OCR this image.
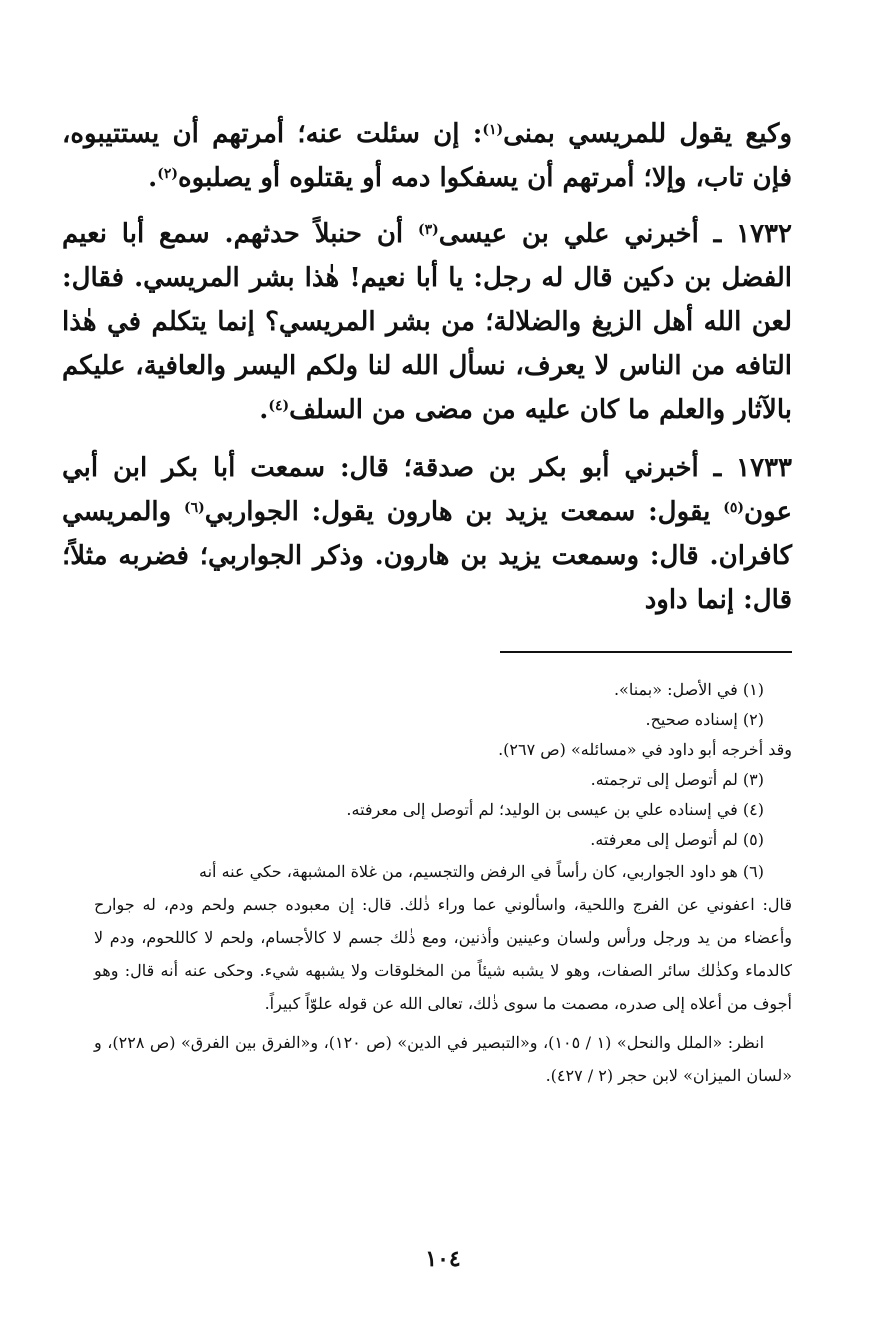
وكيع يقول للمريسي بمنى$^{(١)}$: إن سئلت عنه؛ أمرتهم أن يستتيبوه، فإن تاب، وإلا؛ أمرتهم أن يسفكوا دمه أو يقتلوه أو يصلبوه$^{(٢)}$.

١٧٣٢ ـ أخبرني علي بن عيسى$^{(٣)}$ أن حنبلاً حدثهم. سمع أبا نعيم الفضل بن دكين قال له رجل: يا أبا نعيم! هٰذا بشر المريسي. فقال: لعن الله أهل الزيغ والضلالة؛ من بشر المريسي؟ إنما يتكلم في هٰذا التافه من الناس لا يعرف، نسأل الله لنا ولكم اليسر والعافية، عليكم بالآثار والعلم ما كان عليه من مضى من السلف$^{(٤)}$.

١٧٣٣ ـ أخبرني أبو بكر بن صدقة؛ قال: سمعت أبا بكر ابن أبي عون$^{(٥)}$ يقول: سمعت يزيد بن هارون يقول: الجواربي$^{(٦)}$ والمريسي كافران. قال: وسمعت يزيد بن هارون. وذكر الجواربي؛ فضربه مثلاً؛ قال: إنما داود

(١) في الأصل: «بمنا».

(٢) إسناده صحيح.

وقد أخرجه أبو داود في «مسائله» (ص ٢٦٧).

(٣) لم أتوصل إلى ترجمته.

(٤) في إسناده علي بن عيسى بن الوليد؛ لم أتوصل إلى معرفته.

(٥) لم أتوصل إلى معرفته.

(٦) هو داود الجواربي، كان رأساً في الرفض والتجسيم، من غلاة المشبهة، حكي عنه أنه
قال: اعفوني عن الفرج واللحية، واسألوني عما وراء ذٰلك. قال: إن معبوده جسم ولحم ودم، له جوارح وأعضاء من يد ورجل ورأس ولسان وعينين وأذنين، ومع ذٰلك جسم لا كالأجسام، ولحم لا كاللحوم، ودم لا كالدماء وكذٰلك سائر الصفات، وهو لا يشبه شيئاً من المخلوقات ولا يشبهه شيء. وحكى عنه أنه قال: وهو أجوف من أعلاه إلى صدره، مصمت ما سوى ذٰلك، تعالى الله عن قوله علوّاً كبيراً.
انظر: «الملل والنحل» (١ / ١٠٥)، و«التبصير في الدين» (ص ١٢٠)، و«الفرق بين الفرق» (ص ٢٢٨)، و «لسان الميزان» لابن حجر (٢ / ٤٢٧).
١٠٤
